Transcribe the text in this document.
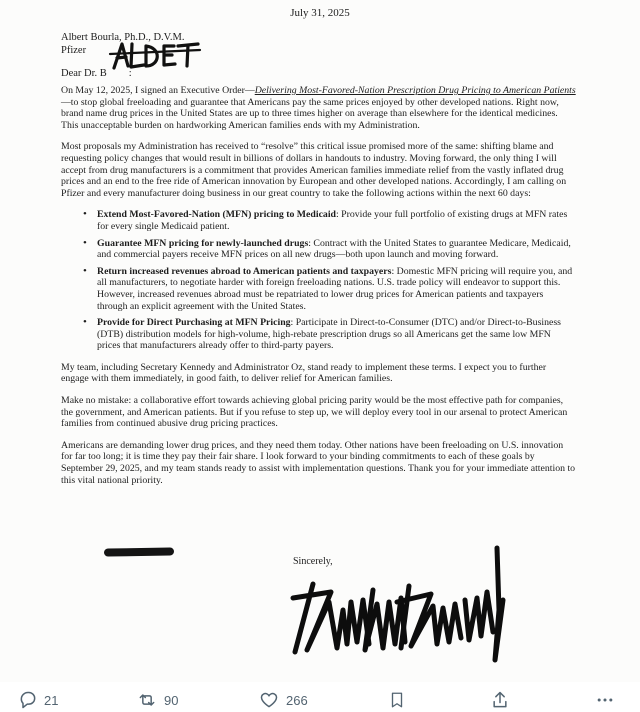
July 31, 2025
Albert Bourla, Ph.D., D.V.M.
Pfizer
Dear Dr. B :

On May 12, 2025, I signed an Executive Order—Delivering Most-Favored-Nation Prescription Drug Pricing to American Patients—to stop global freeloading and guarantee that Americans pay the same prices enjoyed by other developed nations. Right now, brand name drug prices in the United States are up to three times higher on average than elsewhere for the identical medicines. This unacceptable burden on hardworking American families ends with my Administration.

Most proposals my Administration has received to “resolve” this critical issue promised more of the same: shifting blame and requesting policy changes that would result in billions of dollars in handouts to industry. Moving forward, the only thing I will accept from drug manufacturers is a commitment that provides American families immediate relief from the vastly inflated drug prices and an end to the free ride of American innovation by European and other developed nations. Accordingly, I am calling on Pfizer and every manufacturer doing business in our great country to take the following actions within the next 60 days:

• Extend Most-Favored-Nation (MFN) pricing to Medicaid: Provide your full portfolio of existing drugs at MFN rates for every single Medicaid patient.
• Guarantee MFN pricing for newly-launched drugs: Contract with the United States to guarantee Medicare, Medicaid, and commercial payers receive MFN prices on all new drugs—both upon launch and moving forward.
• Return increased revenues abroad to American patients and taxpayers: Domestic MFN pricing will require you, and all manufacturers, to negotiate harder with foreign freeloading nations. U.S. trade policy will endeavor to support this. However, increased revenues abroad must be repatriated to lower drug prices for American patients and taxpayers through an explicit agreement with the United States.
• Provide for Direct Purchasing at MFN Pricing: Participate in Direct-to-Consumer (DTC) and/or Direct-to-Business (DTB) distribution models for high-volume, high-rebate prescription drugs so all Americans get the same low MFN prices that manufacturers already offer to third-party payers.

My team, including Secretary Kennedy and Administrator Oz, stand ready to implement these terms. I expect you to further engage with them immediately, in good faith, to deliver relief for American families.

Make no mistake: a collaborative effort towards achieving global pricing parity would be the most effective path for companies, the government, and American patients. But if you refuse to step up, we will deploy every tool in our arsenal to protect American families from continued abusive drug pricing practices.

Americans are demanding lower drug prices, and they need them today. Other nations have been freeloading on U.S. innovation for far too long; it is time they pay their fair share. I look forward to your binding commitments to each of these goals by September 29, 2025, and my team stands ready to assist with implementation questions. Thank you for your immediate attention to this vital national priority.

Sincerely,
21	90	266
